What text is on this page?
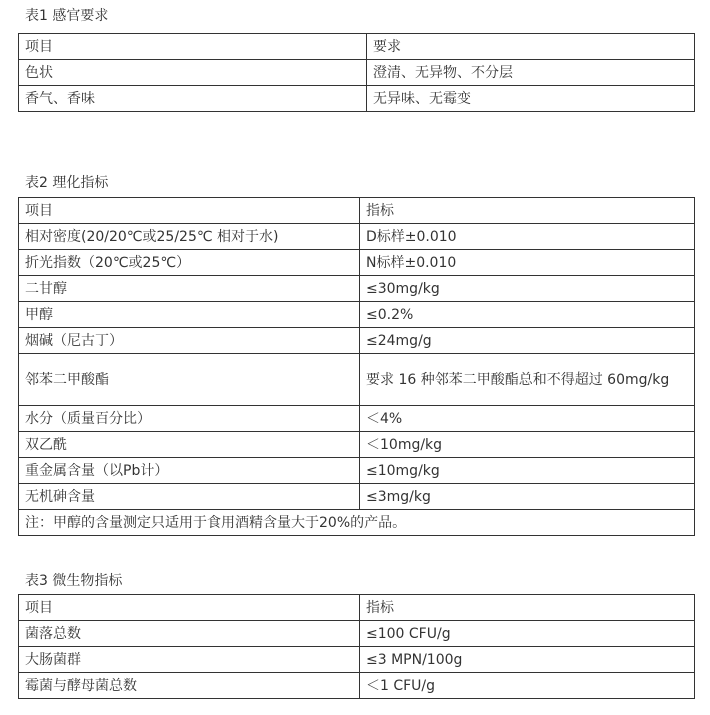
表1 感官要求
项目	要求
色状	澄清、无异物、不分层
香气、香味	无异味、无霉变
表2 理化指标
项目	指标
相对密度(20/20℃或25/25℃ 相对于水)	D标样±0.010
折光指数（20℃或25℃）	N标样±0.010
二甘醇	≤30mg/kg
甲醇	≤0.2%
烟碱（尼古丁）	≤24mg/g
邻苯二甲酸酯	要求 16 种邻苯二甲酸酯总和不得超过 60mg/kg
水分（质量百分比）	＜4%
双乙酰	＜10mg/kg
重金属含量（以Pb计）	≤10mg/kg
无机砷含量	≤3mg/kg
注：甲醇的含量测定只适用于食用酒精含量大于20%的产品。	
表3 微生物指标
项目	指标
菌落总数	≤100 CFU/g
大肠菌群	≤3 MPN/100g
霉菌与酵母菌总数	＜1 CFU/g
